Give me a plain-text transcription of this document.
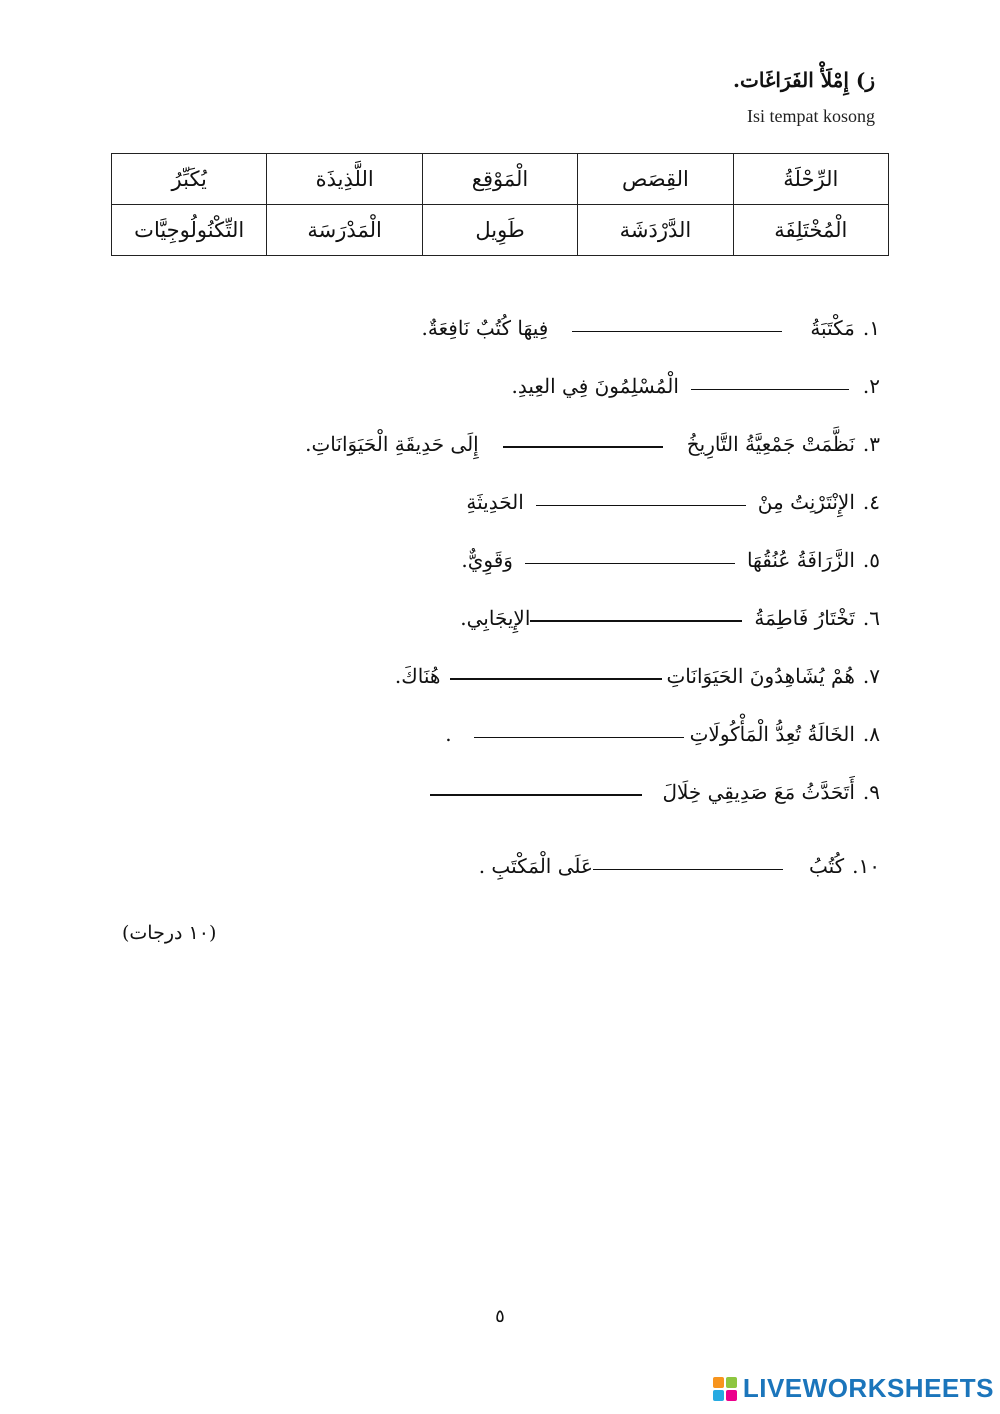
ز) إِمْلَأْ الفَرَاغَات.
Isi tempat kosong
الرِّحْلَةُ	القِصَص	الْمَوْقِع	اللَّذِيذَة	يُكَبِّرُ
الْمُخْتَلِفَة	الدَّرْدَشَة	طَوِيل	الْمَدْرَسَة	التِّكْنُولُوجِيَّات
١.
مَكْتَبَةُ
فِيهَا كُتُبٌ نَافِعَةٌ.
٢.
الْمُسْلِمُونَ فِي العِيدِ.
٣.
نَظَّمَتْ جَمْعِيَّةُ التَّارِيخُ
إِلَى حَدِيقَةِ الْحَيَوَانَاتِ.
٤.
الإِنْتَرْنِتُ مِنْ
الحَدِيثَةِ
٥.
الزَّرَافَةُ عُنُقُهَا
وَقَوِيٌّ.
٦.
تَخْتَارُ فَاطِمَةُ
الإِيجَابِي.
٧.
هُمْ يُشَاهِدُونَ الحَيَوَانَاتِ
هُنَاكَ.
٨.
الخَالَةُ تُعِدُّ الْمَأْكُولَاتِ
.
٩.
أَتَحَدَّثُ مَعَ صَدِيقِي خِلَالَ
١٠.
كُتُبُ
عَلَى الْمَكْتَبِ .
(١٠ درجات)
٥
LIVEWORKSHEETS
